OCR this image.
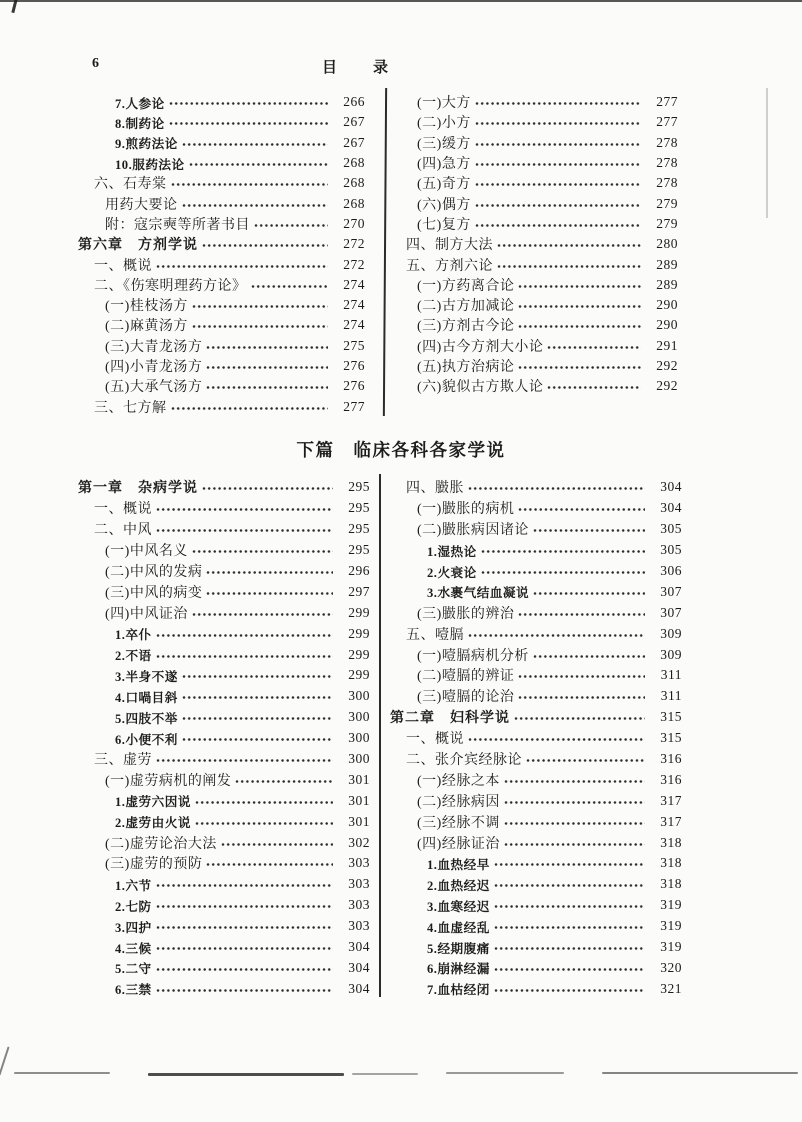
6	目　　录
7.人参论	266
8.制药论	267
9.煎药法论	267
10.服药法论	268
六、石寿棠	268
用药大要论	268
附：寇宗奭等所著书目	270
第六章　方剂学说	272
一、概说	272
二、《伤寒明理药方论》	274
(一)桂枝汤方	274
(二)麻黄汤方	274
(三)大青龙汤方	275
(四)小青龙汤方	276
(五)大承气汤方	276
三、七方解	277
(一)大方	277
(二)小方	277
(三)缓方	278
(四)急方	278
(五)奇方	278
(六)偶方	279
(七)复方	279
四、制方大法	280
五、方剂六论	289
(一)方药离合论	289
(二)古方加减论	290
(三)方剂古今论	290
(四)古今方剂大小论	291
(五)执方治病论	292
(六)貌似古方欺人论	292
下篇　临床各科各家学说
第一章　杂病学说	295
一、概说	295
二、中风	295
(一)中风名义	295
(二)中风的发病	296
(三)中风的病变	297
(四)中风证治	299
1.卒仆	299
2.不语	299
3.半身不遂	299
4.口喎目斜	300
5.四肢不举	300
6.小便不利	300
三、虚劳	300
(一)虚劳病机的阐发	301
1.虚劳六因说	301
2.虚劳由火说	301
(二)虚劳论治大法	302
(三)虚劳的预防	303
1.六节	303
2.七防	303
3.四护	303
4.三候	304
5.二守	304
6.三禁	304
四、臌胀	304
(一)臌胀的病机	304
(二)臌胀病因诸论	305
1.湿热论	305
2.火衰论	306
3.水裹气结血凝说	307
(三)臌胀的辨治	307
五、噎膈	309
(一)噎膈病机分析	309
(二)噎膈的辨证	311
(三)噎膈的论治	311
第二章　妇科学说	315
一、概说	315
二、张介宾经脉论	316
(一)经脉之本	316
(二)经脉病因	317
(三)经脉不调	317
(四)经脉证治	318
1.血热经早	318
2.血热经迟	318
3.血寒经迟	319
4.血虚经乱	319
5.经期腹痛	319
6.崩淋经漏	320
7.血枯经闭	321
